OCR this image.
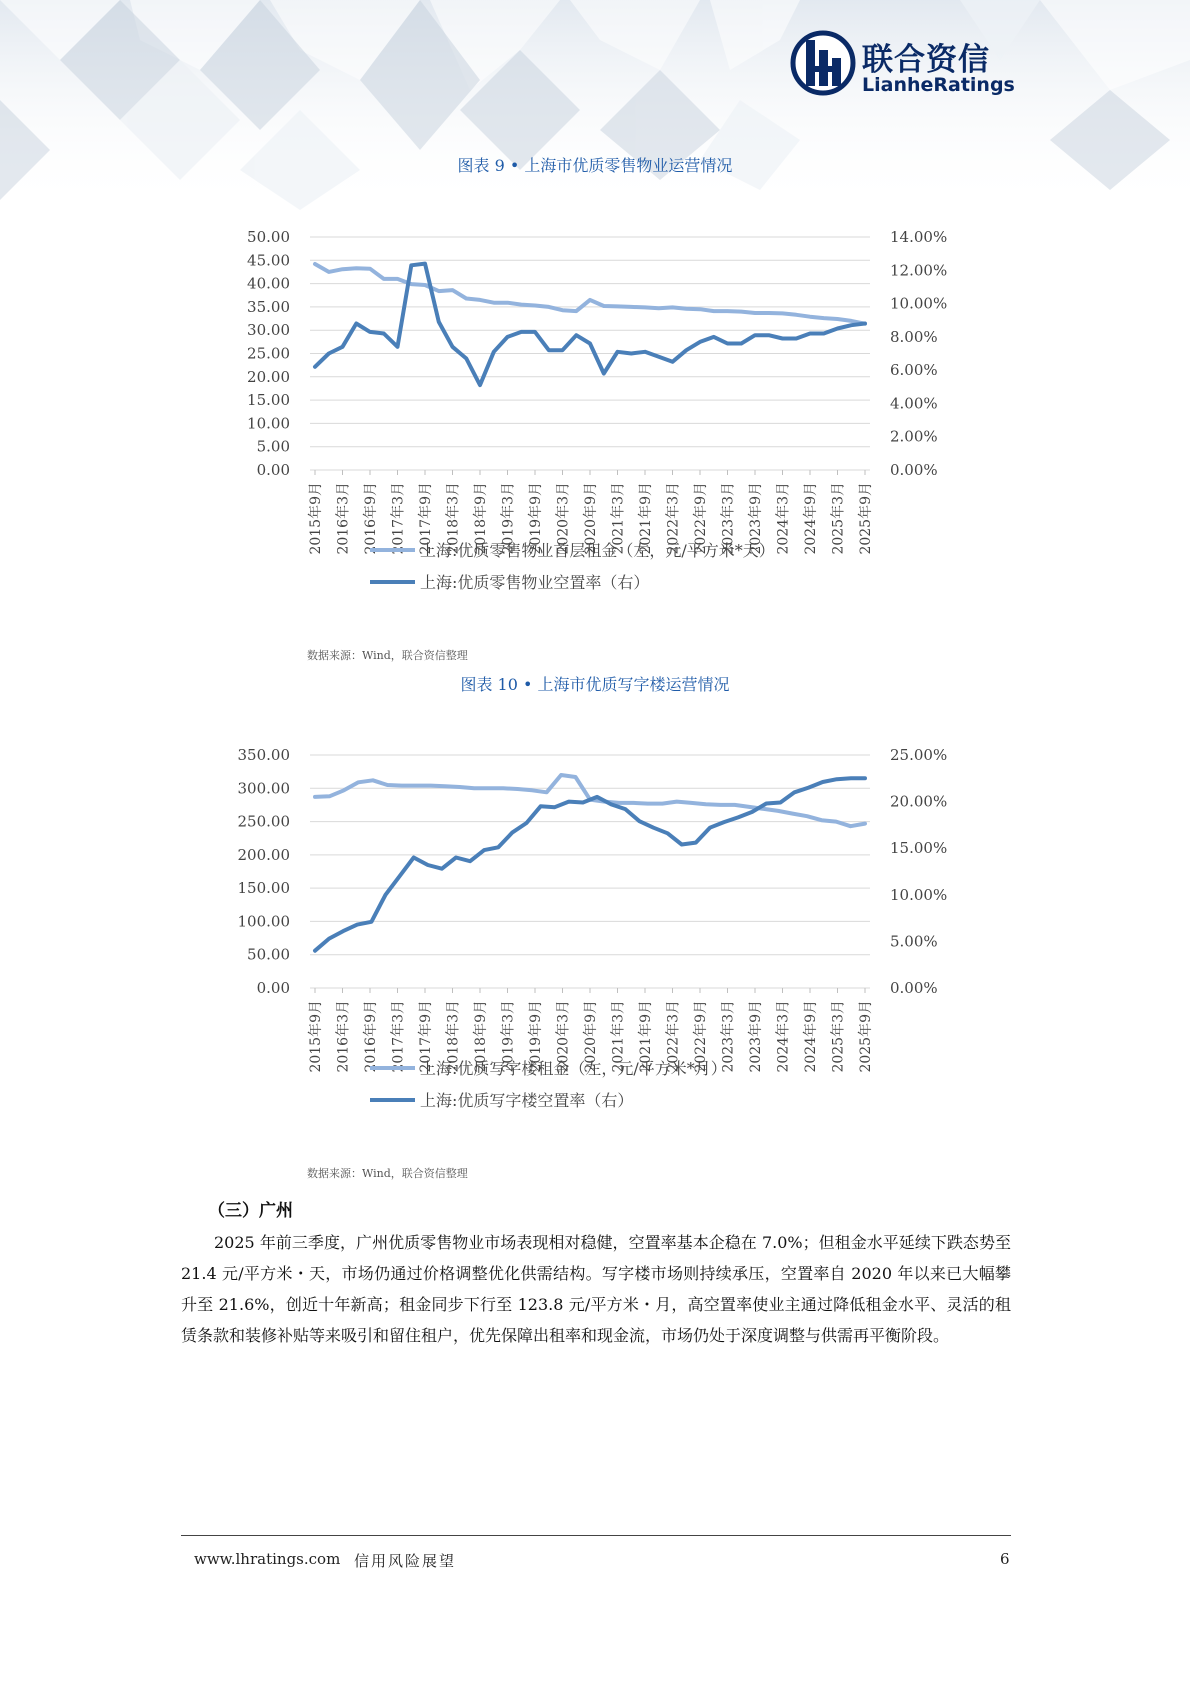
联合资信
LianheRatings
图表 9 • 上海市优质零售物业运营情况
0.00
5.00
10.00
15.00
20.00
25.00
30.00
35.00
40.00
45.00
50.00
0.00%
2.00%
4.00%
6.00%
8.00%
10.00%
12.00%
14.00%
2015年9月 2016年3月 2016年9月 2017年3月 2017年9月 2018年3月 2018年9月 2019年3月 2019年9月 2020年3月 2020年9月 2021年3月 2021年9月 2022年3月 2022年9月 2023年3月 2023年9月 2024年3月 2024年9月 2025年3月 2025年9月
上海:优质零售物业首层租金（左，元/平方米*天）
上海:优质零售物业空置率（右）
数据来源：Wind，联合资信整理
图表 10 • 上海市优质写字楼运营情况
0.00
50.00
100.00
150.00
200.00
250.00
300.00
350.00
0.00%
5.00%
10.00%
15.00%
20.00%
25.00%
2015年9月 2016年3月 2016年9月 2017年3月 2017年9月 2018年3月 2018年9月 2019年3月 2019年9月 2020年3月 2020年9月 2021年3月 2021年9月 2022年3月 2022年9月 2023年3月 2023年9月 2024年3月 2024年9月 2025年3月 2025年9月
上海:优质写字楼租金（左，元/平方米*月）
上海:优质写字楼空置率（右）
数据来源：Wind，联合资信整理
（三）广州
2025 年前三季度，广州优质零售物业市场表现相对稳健，空置率基本企稳在 7.0%；但租金水平延续下跌态势至 21.4 元/平方米・天，市场仍通过价格调整优化供需结构。写字楼市场则持续承压，空置率自 2020 年以来已大幅攀升至 21.6%，创近十年新高；租金同步下行至 123.8 元/平方米・月，高空置率使业主通过降低租金水平、灵活的租赁条款和装修补贴等来吸引和留住租户，优先保障出租率和现金流，市场仍处于深度调整与供需再平衡阶段。
www.lhratings.com 信用风险展望	6
